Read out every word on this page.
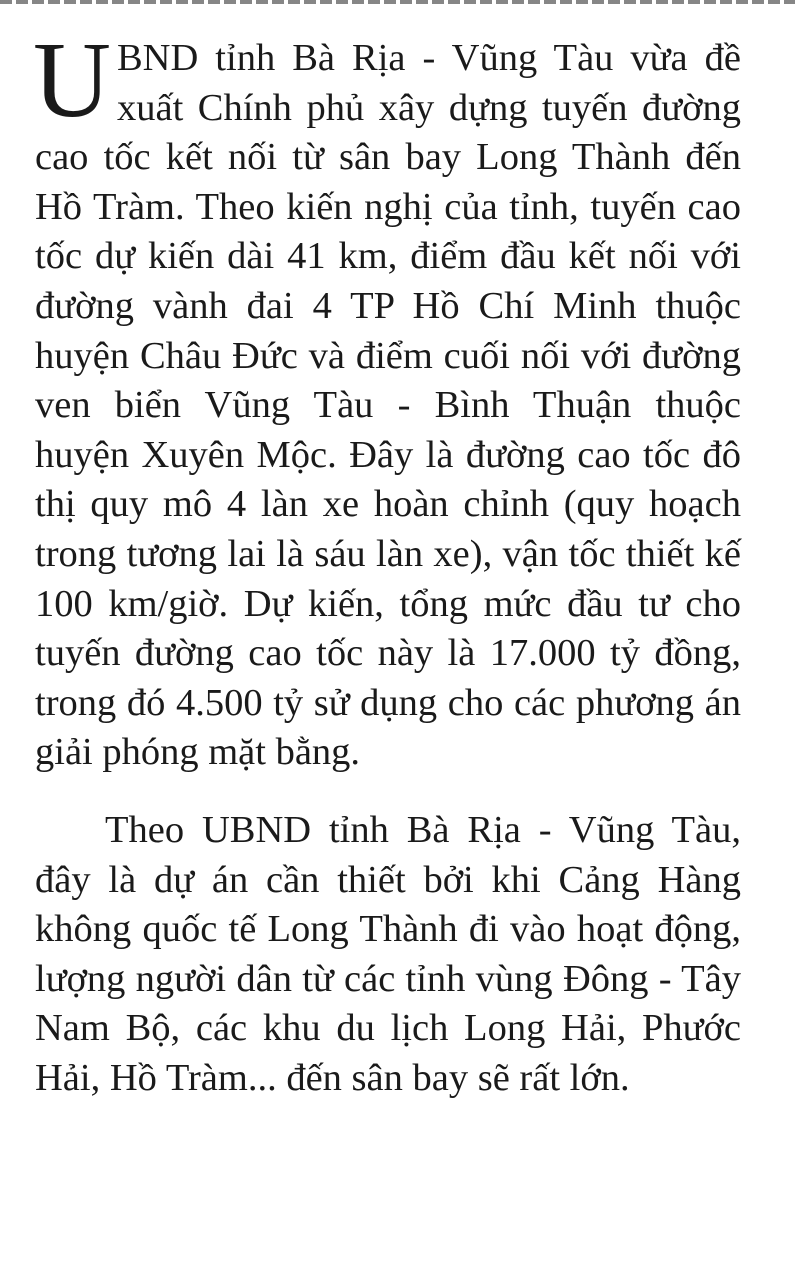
UBND tỉnh Bà Rịa - Vũng Tàu vừa đề xuất Chính phủ xây dựng tuyến đường cao tốc kết nối từ sân bay Long Thành đến Hồ Tràm. Theo kiến nghị của tỉnh, tuyến cao tốc dự kiến dài 41 km, điểm đầu kết nối với đường vành đai 4 TP Hồ Chí Minh thuộc huyện Châu Đức và điểm cuối nối với đường ven biển Vũng Tàu - Bình Thuận thuộc huyện Xuyên Mộc. Đây là đường cao tốc đô thị quy mô 4 làn xe hoàn chỉnh (quy hoạch trong tương lai là sáu làn xe), vận tốc thiết kế 100 km/giờ. Dự kiến, tổng mức đầu tư cho tuyến đường cao tốc này là 17.000 tỷ đồng, trong đó 4.500 tỷ sử dụng cho các phương án giải phóng mặt bằng.

Theo UBND tỉnh Bà Rịa - Vũng Tàu, đây là dự án cần thiết bởi khi Cảng Hàng không quốc tế Long Thành đi vào hoạt động, lượng người dân từ các tỉnh vùng Đông - Tây Nam Bộ, các khu du lịch Long Hải, Phước Hải, Hồ Tràm... đến sân bay sẽ rất lớn.
